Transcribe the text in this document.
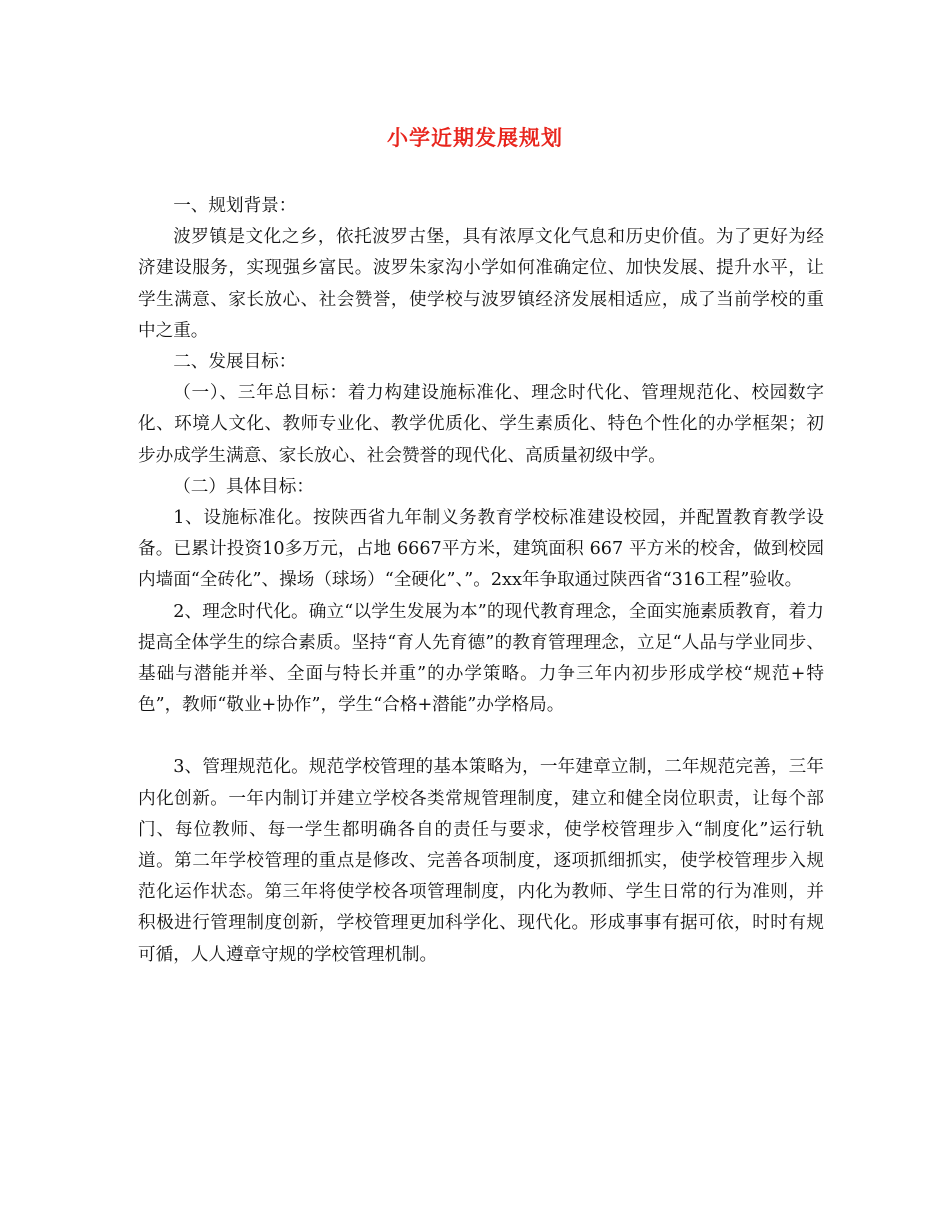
小学近期发展规划

一、规划背景：

波罗镇是文化之乡，依托波罗古堡，具有浓厚文化气息和历史价值。为了更好为经济建设服务，实现强乡富民。波罗朱家沟小学如何准确定位、加快发展、提升水平，让学生满意、家长放心、社会赞誉，使学校与波罗镇经济发展相适应，成了当前学校的重中之重。

二、发展目标：

（一）、三年总目标：着力构建设施标准化、理念时代化、管理规范化、校园数字化、环境人文化、教师专业化、教学优质化、学生素质化、特色个性化的办学框架；初步办成学生满意、家长放心、社会赞誉的现代化、高质量初级中学。

（二）具体目标：

1、设施标准化。按陕西省九年制义务教育学校标准建设校园，并配置教育教学设备。已累计投资10多万元，占地 6667平方米，建筑面积 667 平方米的校舍，做到校园内墙面“全砖化”、操场（球场）“全硬化”、”。2xx年争取通过陕西省“316工程”验收。

2、理念时代化。确立“以学生发展为本”的现代教育理念，全面实施素质教育，着力提高全体学生的综合素质。坚持“育人先育德”的教育管理理念，立足“人品与学业同步、基础与潜能并举、全面与特长并重”的办学策略。力争三年内初步形成学校“规范+特色”，教师“敬业+协作”，学生“合格+潜能”办学格局。

3、管理规范化。规范学校管理的基本策略为，一年建章立制，二年规范完善，三年内化创新。一年内制订并建立学校各类常规管理制度，建立和健全岗位职责，让每个部门、每位教师、每一学生都明确各自的责任与要求，使学校管理步入“制度化”运行轨道。第二年学校管理的重点是修改、完善各项制度，逐项抓细抓实，使学校管理步入规范化运作状态。第三年将使学校各项管理制度，内化为教师、学生日常的行为准则，并积极进行管理制度创新，学校管理更加科学化、现代化。形成事事有据可依，时时有规可循，人人遵章守规的学校管理机制。
